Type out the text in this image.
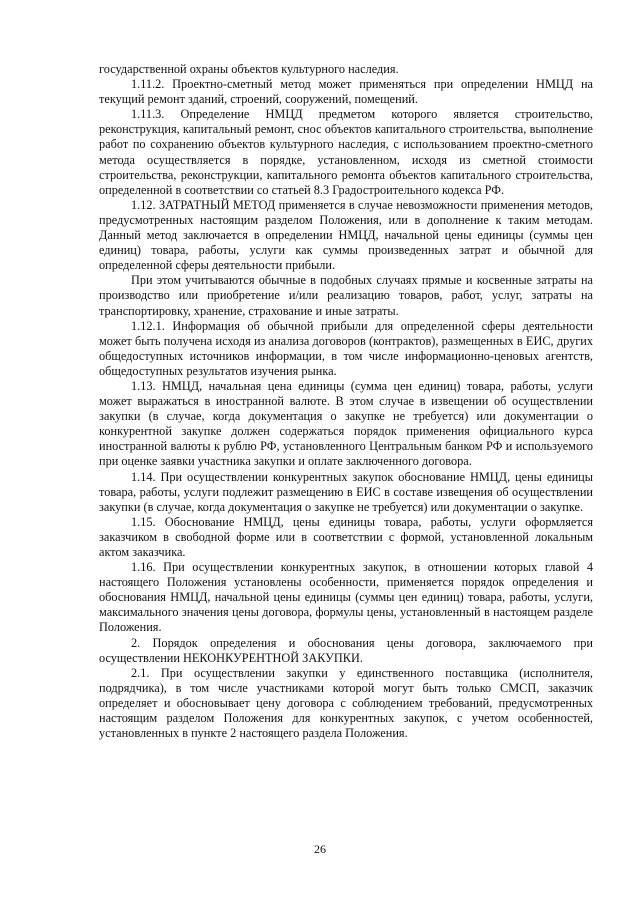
государственной охраны объектов культурного наследия.

1.11.2. Проектно-сметный метод может применяться при определении НМЦД на текущий ремонт зданий, строений, сооружений, помещений.

1.11.3. Определение НМЦД предметом которого является строительство, реконструкция, капитальный ремонт, снос объектов капитального строительства, выполнение работ по сохранению объектов культурного наследия, с использованием проектно-сметного метода осуществляется в порядке, установленном, исходя из сметной стоимости строительства, реконструкции, капитального ремонта объектов капитального строительства, определенной в соответствии со статьей 8.3 Градостроительного кодекса РФ.

1.12. ЗАТРАТНЫЙ МЕТОД применяется в случае невозможности применения методов, предусмотренных настоящим разделом Положения, или в дополнение к таким методам. Данный метод заключается в определении НМЦД, начальной цены единицы (суммы цен единиц) товара, работы, услуги как суммы произведенных затрат и обычной для определенной сферы деятельности прибыли.

При этом учитываются обычные в подобных случаях прямые и косвенные затраты на производство или приобретение и/или реализацию товаров, работ, услуг, затраты на транспортировку, хранение, страхование и иные затраты.

1.12.1. Информация об обычной прибыли для определенной сферы деятельности может быть получена исходя из анализа договоров (контрактов), размещенных в ЕИС, других общедоступных источников информации, в том числе информационно-ценовых агентств, общедоступных результатов изучения рынка.

1.13. НМЦД, начальная цена единицы (сумма цен единиц) товара, работы, услуги может выражаться в иностранной валюте. В этом случае в извещении об осуществлении закупки (в случае, когда документация о закупке не требуется) или документации о конкурентной закупке должен содержаться порядок применения официального курса иностранной валюты к рублю РФ, установленного Центральным банком РФ и используемого при оценке заявки участника закупки и оплате заключенного договора.

1.14. При осуществлении конкурентных закупок обоснование НМЦД, цены единицы товара, работы, услуги подлежит размещению в ЕИС в составе извещения об осуществлении закупки (в случае, когда документация о закупке не требуется) или документации о закупке.

1.15. Обоснование НМЦД, цены единицы товара, работы, услуги оформляется заказчиком в свободной форме или в соответствии с формой, установленной локальным актом заказчика.

1.16. При осуществлении конкурентных закупок, в отношении которых главой 4 настоящего Положения установлены особенности, применяется порядок определения и обоснования НМЦД, начальной цены единицы (суммы цен единиц) товара, работы, услуги, максимального значения цены договора, формулы цены, установленный в настоящем разделе Положения.

2. Порядок определения и обоснования цены договора, заключаемого при осуществлении НЕКОНКУРЕНТНОЙ ЗАКУПКИ.

2.1. При осуществлении закупки у единственного поставщика (исполнителя, подрядчика), в том числе участниками которой могут быть только СМСП, заказчик определяет и обосновывает цену договора с соблюдением требований, предусмотренных настоящим разделом Положения для конкурентных закупок, с учетом особенностей, установленных в пункте 2 настоящего раздела Положения.

26
